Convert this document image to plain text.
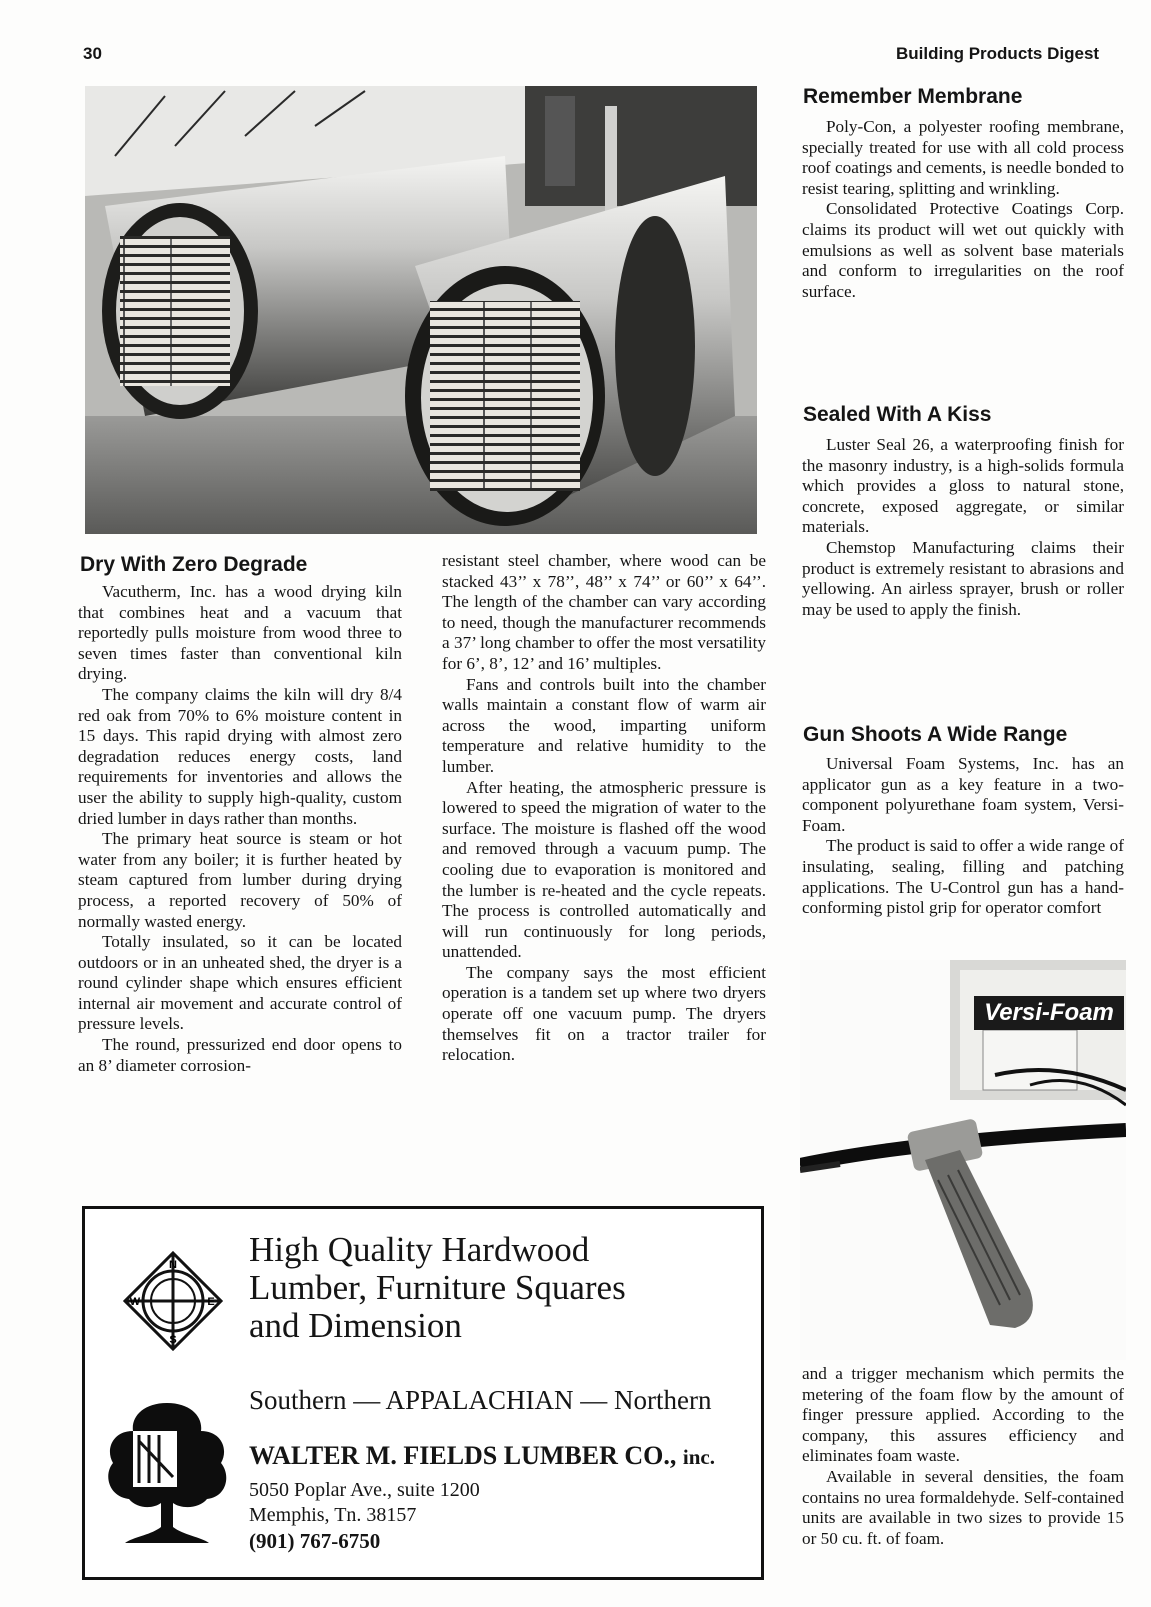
30	Building Products Digest
Dry With Zero Degrade

Vacutherm, Inc. has a wood drying kiln that combines heat and a vacuum that reportedly pulls moisture from wood three to seven times faster than conventional kiln drying.

The company claims the kiln will dry 8/4 red oak from 70% to 6% moisture content in 15 days. This rapid drying with almost zero degradation reduces energy costs, land requirements for inventories and allows the user the ability to supply high-quality, custom dried lumber in days rather than months.

The primary heat source is steam or hot water from any boiler; it is further heated by steam captured from lumber during drying process, a reported recovery of 50% of normally wasted energy.

Totally insulated, so it can be located outdoors or in an unheated shed, the dryer is a round cylinder shape which ensures efficient internal air movement and accurate control of pressure levels.

The round, pressurized end door opens to an 8’ diameter corrosion-

resistant steel chamber, where wood can be stacked 43’’ x 78’’, 48’’ x 74’’ or 60’’ x 64’’. The length of the chamber can vary according to need, though the manufacturer recommends a 37’ long chamber to offer the most versatility for 6’, 8’, 12’ and 16’ multiples.

Fans and controls built into the chamber walls maintain a constant flow of warm air across the wood, imparting uniform temperature and relative humidity to the lumber.

After heating, the atmospheric pressure is lowered to speed the migration of water to the surface. The moisture is flashed off the wood and removed through a vacuum pump. The cooling due to evaporation is monitored and the lumber is re-heated and the cycle repeats. The process is controlled automatically and will run continuously for long periods, unattended.

The company says the most efficient operation is a tandem set up where two dryers operate off one vacuum pump. The dryers themselves fit on a tractor trailer for relocation.

Remember Membrane

Poly-Con, a polyester roofing membrane, specially treated for use with all cold process roof coatings and cements, is needle bonded to resist tearing, splitting and wrinkling.

Consolidated Protective Coatings Corp. claims its product will wet out quickly with emulsions as well as solvent base materials and conform to irregularities on the roof surface.

Sealed With A Kiss

Luster Seal 26, a waterproofing finish for the masonry industry, is a high-solids formula which provides a gloss to natural stone, concrete, exposed aggregate, or similar materials.

Chemstop Manufacturing claims their product is extremely resistant to abrasions and yellowing. An airless sprayer, brush or roller may be used to apply the finish.

Gun Shoots A Wide Range

Universal Foam Systems, Inc. has an applicator gun as a key feature in a two-component polyurethane foam system, Versi-Foam.

The product is said to offer a wide range of insulating, sealing, filling and patching applications. The U-Control gun has a hand-conforming pistol grip for operator comfort

Versi-Foam

and a trigger mechanism which permits the metering of the foam flow by the amount of finger pressure applied. According to the company, this assures efficiency and eliminates foam waste.

Available in several densities, the foam contains no urea formaldehyde. Self-contained units are available in two sizes to provide 15 or 50 cu. ft. of foam.

N
E
S
W
High Quality Hardwood
Lumber, Furniture Squares
and Dimension
Southern — APPALACHIAN — Northern
WALTER M. FIELDS LUMBER CO., inc.
5050 Poplar Ave., suite 1200
Memphis, Tn. 38157
(901) 767-6750
